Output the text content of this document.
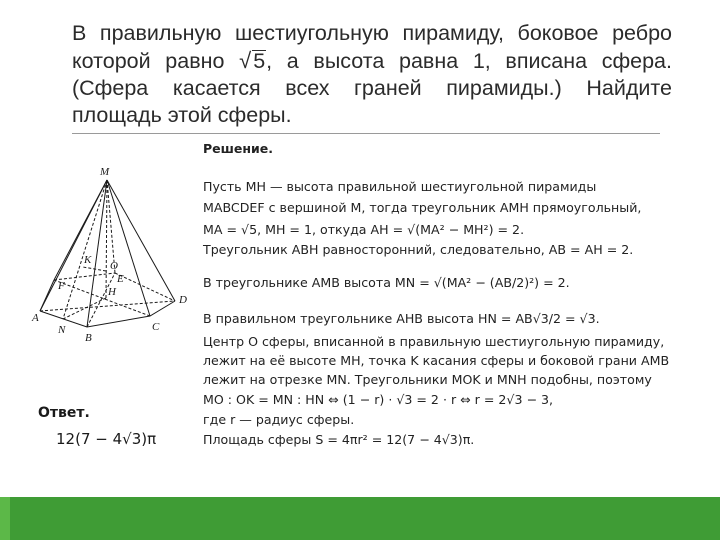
В правильную шестиугольную пирамиду, боковое ребро
которой равно √5, а высота равна 1, вписана сфера.
(Сфера касается всех граней пирамиды.) Найдите
площадь этой сферы.
M
K O
F
E
H
D
A
N
B
C
Решение.
Пусть MH — высота правильной шестиугольной пирамиды
MABCDEF с вершиной M, тогда треугольник AMH прямоугольный,
MA = √5, MH = 1, откуда AH = √(MA² − MH²) = 2.
Треугольник ABH равносторонний, следовательно, AB = AH = 2.
В треугольнике AMB высота MN = √(MA² − (AB/2)²) = 2.
В правильном треугольнике AHB высота HN = AB√3/2 = √3.
Центр O сферы, вписанной в правильную шестиугольную пирамиду,
лежит на её высоте MH, точка K касания сферы и боковой грани AMB
лежит на отрезке MN. Треугольники MOK и MNH подобны, поэтому
MO : OK = MN : HN ⇔ (1 − r) · √3 = 2 · r ⇔ r = 2√3 − 3,
где r — радиус сферы.
Площадь сферы S = 4πr² = 12(7 − 4√3)π.
Ответ.
12(7 − 4√3)π
